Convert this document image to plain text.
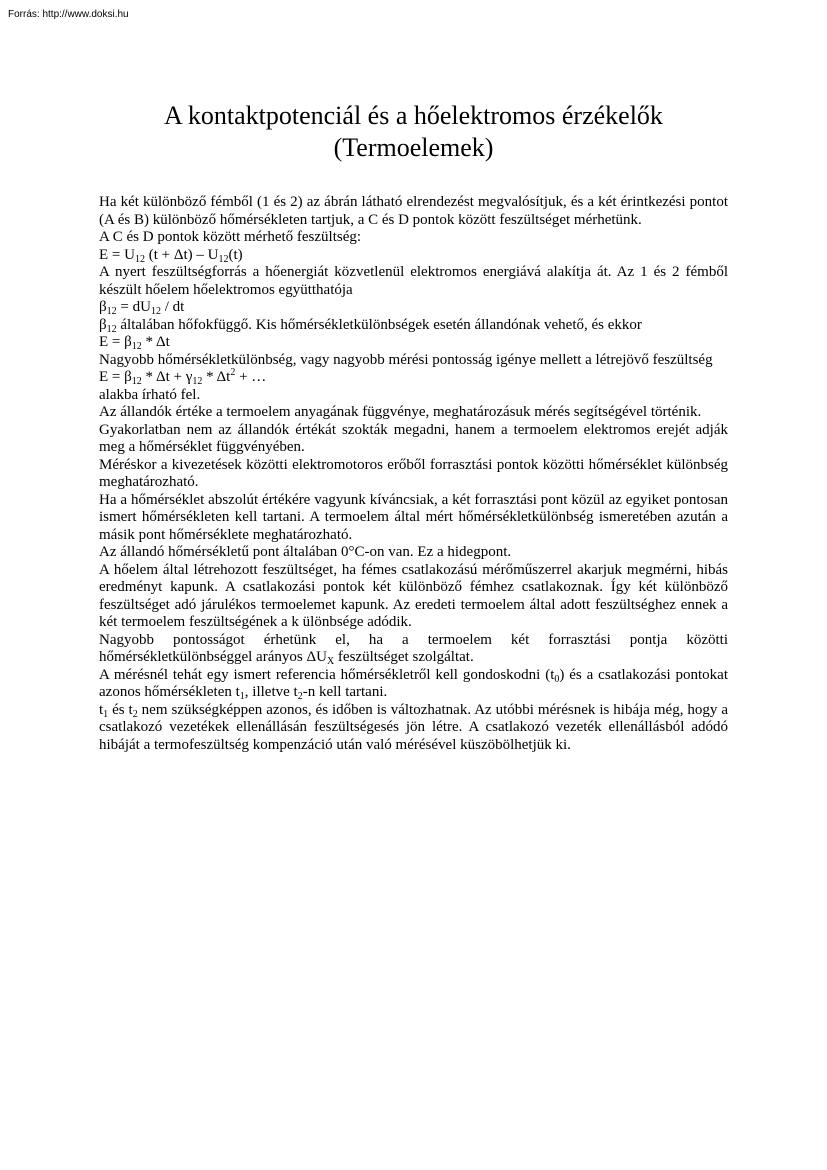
Forrás: http://www.doksi.hu
A kontaktpotenciál és a hőelektromos érzékelők
(Termoelemek)

Ha két különböző fémből (1 és 2) az ábrán látható elrendezést megvalósítjuk, és a két érintkezési pontot (A és B) különböző hőmérsékleten tartjuk, a C és D pontok között feszültséget mérhetünk.

A C és D pontok között mérhető feszültség:

$E = U_{12}$ $(t + \Delta t) - U_{12}(t)$

A nyert feszültségforrás a hőenergiát közvetlenül elektromos energiává alakítja át. Az 1 és 2 fémből készült hőelem hőelektromos együtthatója

$\beta_{12} = dU_{12}$ / dt

$\beta_{12}$ általában hőfokfüggő. Kis hőmérsékletkülönbségek esetén állandónak vehető, és ekkor

$E = \beta_{12} * \Delta t$

Nagyobb hőmérsékletkülönbség, vagy nagyobb mérési pontosság igénye mellett a létrejövő feszültség

$E = \beta_{12} * \Delta t + \gamma_{12} * \Delta t^2$ + …

alakba írható fel.

Az állandók értéke a termoelem anyagának függvénye, meghatározásuk mérés segítségével történik.

Gyakorlatban nem az állandók értékát szokták megadni, hanem a termoelem elektromos erejét adják meg a hőmérséklet függvényében.

Méréskor a kivezetések közötti elektromotoros erőből forrasztási pontok közötti hőmérséklet különbség meghatározható.

Ha a hőmérséklet abszolút értékére vagyunk kíváncsiak, a két forrasztási pont közül az egyiket pontosan ismert hőmérsékleten kell tartani. A termoelem által mért hőmérsékletkülönbség ismeretében azután a másik pont hőmérséklete meghatározható.

Az állandó hőmérsékletű pont általában 0°C-on van. Ez a hidegpont.

A hőelem által létrehozott feszültséget, ha fémes csatlakozású mérőműszerrel akarjuk megmérni, hibás eredményt kapunk. A csatlakozási pontok két különböző fémhez csatlakoznak. Így két különböző feszültséget adó járulékos termoelemet kapunk. Az eredeti termoelem által adott feszültséghez ennek a két termoelem feszültségének a k ülönbsége adódik.

Nagyobb pontosságot érhetünk el, ha a termoelem két forrasztási pontja közötti hőmérsékletkülönbséggel arányos $\Delta U_X$ feszültséget szolgáltat.

A mérésnél tehát egy ismert referencia hőmérsékletről kell gondoskodni $(t_0)$ és a csatlakozási pontokat azonos hőmérsékleten $t_1$, illetve $t_2-n$ kell tartani.

$t_1$ és $t_2$ nem szükségképpen azonos, és időben is változhatnak. Az utóbbi mérésnek is hibája még, hogy a csatlakozó vezetékek ellenállásán feszültségesés jön létre. A csatlakozó vezeték ellenállásból adódó hibáját a termofeszültség kompenzáció után való mérésével küszöbölhetjük ki.
